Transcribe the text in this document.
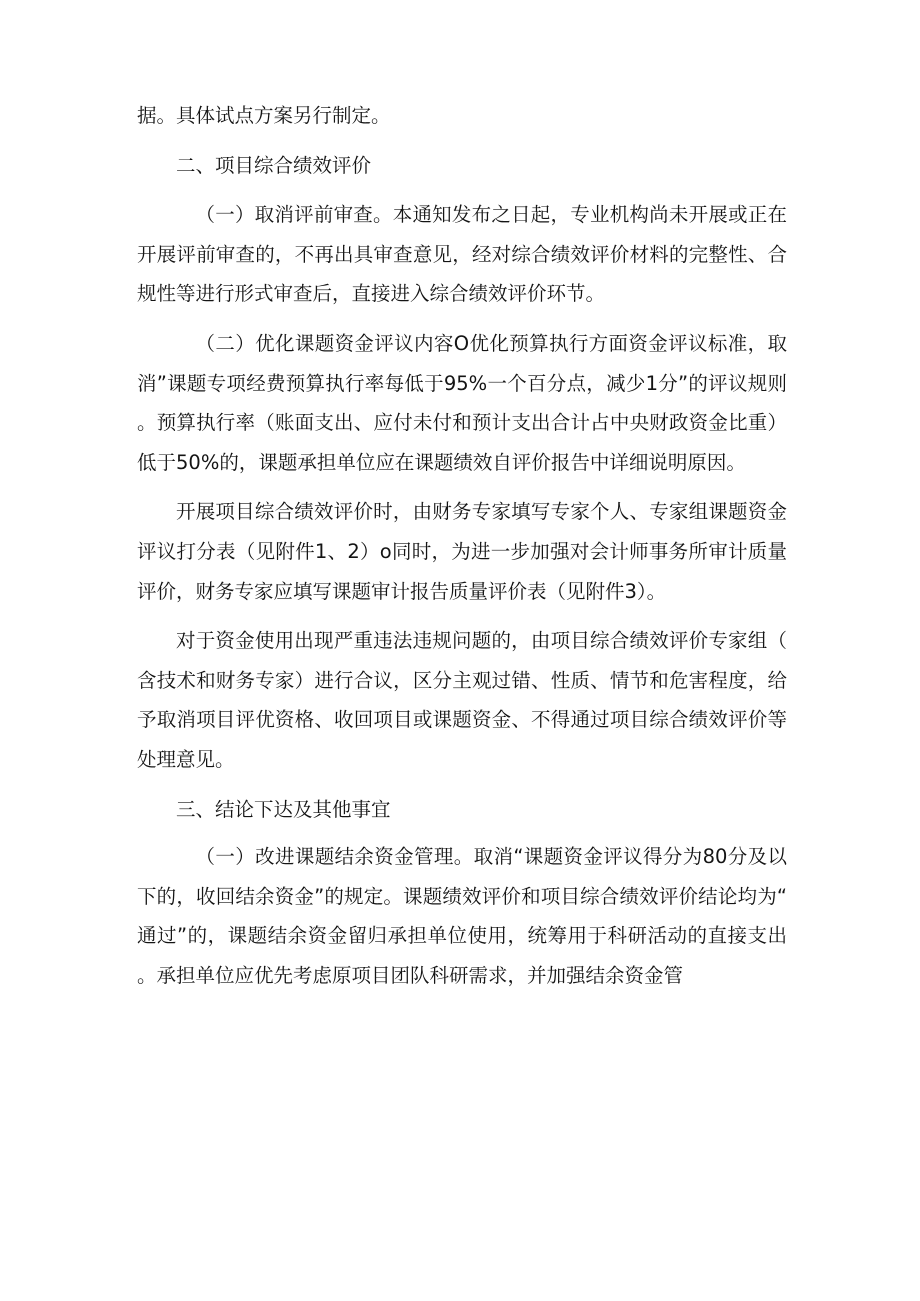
据。具体试点方案另行制定。

二、项目综合绩效评价

（一）取消评前审查。本通知发布之日起，专业机构尚未开展或正在开展评前审查的，不再出具审查意见，经对综合绩效评价材料的完整性、合规性等进行形式审查后，直接进入综合绩效评价环节。

（二）优化课题资金评议内容O优化预算执行方面资金评议标准，取消”课题专项经费预算执行率每低于95%一个百分点，减少1分”的评议规则。预算执行率（账面支出、应付未付和预计支出合计占中央财政资金比重）低于50%的，课题承担单位应在课题绩效自评价报告中详细说明原因。

开展项目综合绩效评价时，由财务专家填写专家个人、专家组课题资金评议打分表（见附件1、2）o同时，为进一步加强对会计师事务所审计质量评价，财务专家应填写课题审计报告质量评价表（见附件3）。

对于资金使用出现严重违法违规问题的，由项目综合绩效评价专家组（含技术和财务专家）进行合议，区分主观过错、性质、情节和危害程度，给予取消项目评优资格、收回项目或课题资金、不得通过项目综合绩效评价等处理意见。

三、结论下达及其他事宜

（一）改进课题结余资金管理。取消“课题资金评议得分为80分及以下的，收回结余资金”的规定。课题绩效评价和项目综合绩效评价结论均为“通过”的，课题结余资金留归承担单位使用，统筹用于科研活动的直接支出。承担单位应优先考虑原项目团队科研需求，并加强结余资金管
